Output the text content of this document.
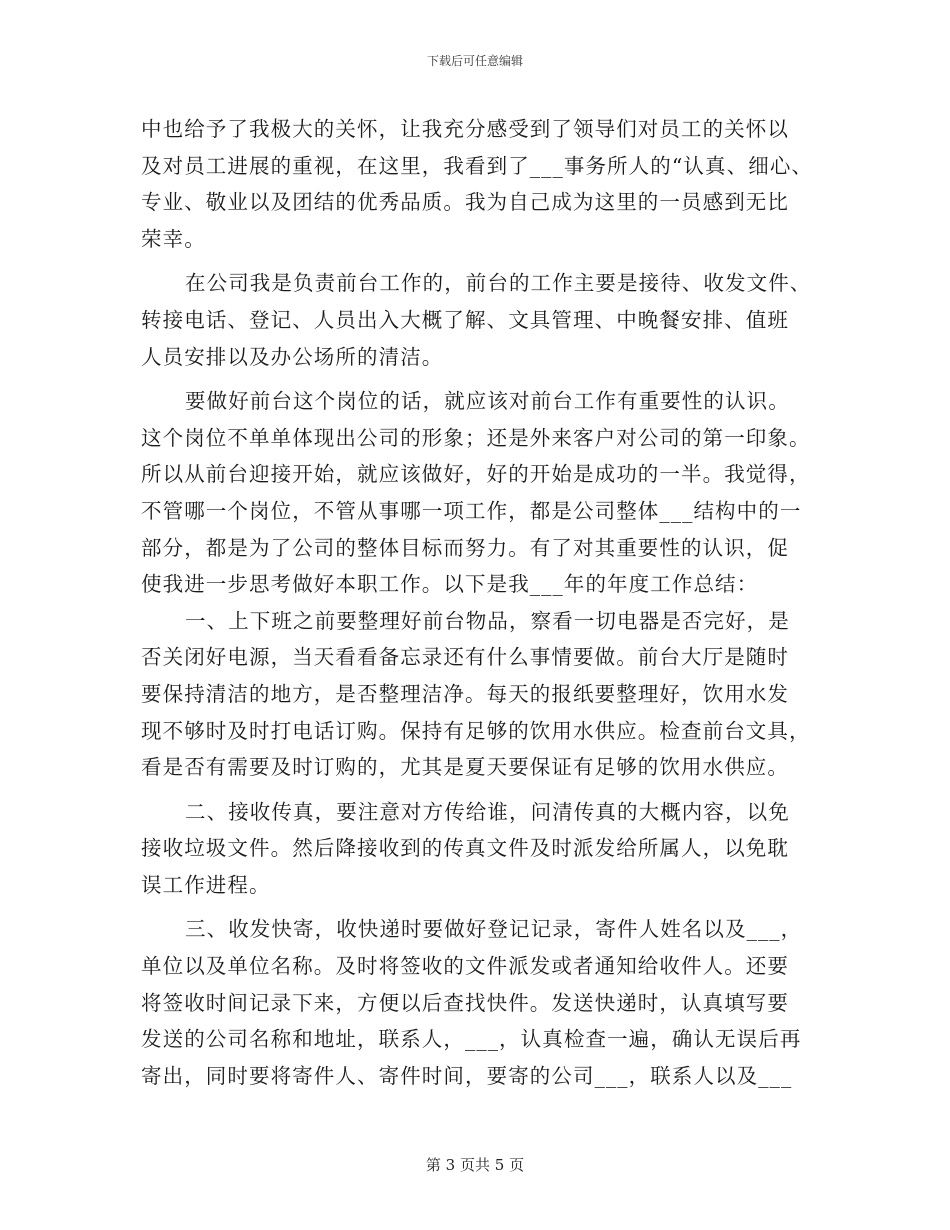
下载后可任意编辑
中也给予了我极大的关怀，让我充分感受到了领导们对员工的关怀以
及对员工进展的重视，在这里，我看到了___事务所人的“认真、细心、
专业、敬业以及团结的优秀品质。我为自己成为这里的一员感到无比
荣幸。
在公司我是负责前台工作的，前台的工作主要是接待、收发文件、
转接电话、登记、人员出入大概了解、文具管理、中晚餐安排、值班
人员安排以及办公场所的清洁。
要做好前台这个岗位的话，就应该对前台工作有重要性的认识。
这个岗位不单单体现出公司的形象；还是外来客户对公司的第一印象。
所以从前台迎接开始，就应该做好，好的开始是成功的一半。我觉得，
不管哪一个岗位，不管从事哪一项工作，都是公司整体___结构中的一
部分，都是为了公司的整体目标而努力。有了对其重要性的认识，促
使我进一步思考做好本职工作。以下是我___年的年度工作总结：
一、上下班之前要整理好前台物品，察看一切电器是否完好，是
否关闭好电源，当天看看备忘录还有什么事情要做。前台大厅是随时
要保持清洁的地方，是否整理洁净。每天的报纸要整理好，饮用水发
现不够时及时打电话订购。保持有足够的饮用水供应。检查前台文具，
看是否有需要及时订购的，尤其是夏天要保证有足够的饮用水供应。
二、接收传真，要注意对方传给谁，问清传真的大概内容，以免
接收垃圾文件。然后降接收到的传真文件及时派发给所属人，以免耽
误工作进程。
三、收发快寄，收快递时要做好登记记录，寄件人姓名以及___，
单位以及单位名称。及时将签收的文件派发或者通知给收件人。还要
将签收时间记录下来，方便以后查找快件。发送快递时，认真填写要
发送的公司名称和地址，联系人，___，认真检查一遍，确认无误后再
寄出，同时要将寄件人、寄件时间，要寄的公司___，联系人以及___
第 3 页共 5 页
